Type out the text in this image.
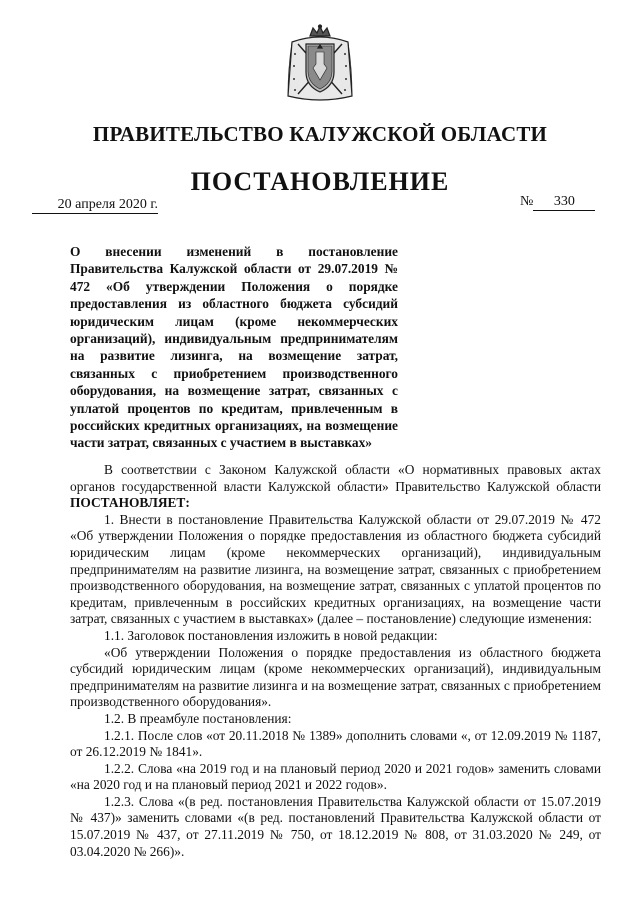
ПРАВИТЕЛЬСТВО КАЛУЖСКОЙ ОБЛАСТИ
ПОСТАНОВЛЕНИЕ
20 апреля 2020 г.	№ 330
О внесении изменений в постановление Правительства Калужской области от 29.07.2019 № 472 «Об утверждении Положения о порядке предоставления из областного бюджета субсидий юридическим лицам (кроме некоммерческих организаций), индивидуальным предпринимателям на развитие лизинга, на возмещение затрат, связанных с приобретением производственного оборудования, на возмещение затрат, связанных с уплатой процентов по кредитам, привлеченным в российских кредитных организациях, на возмещение части затрат, связанных с участием в выставках»

В соответствии с Законом Калужской области «О нормативных правовых актах органов государственной власти Калужской области» Правительство Калужской области ПОСТАНОВЛЯЕТ:

1. Внести в постановление Правительства Калужской области от 29.07.2019 № 472 «Об утверждении Положения о порядке предоставления из областного бюджета субсидий юридическим лицам (кроме некоммерческих организаций), индивидуальным предпринимателям на развитие лизинга, на возмещение затрат, связанных с приобретением производственного оборудования, на возмещение затрат, связанных с уплатой процентов по кредитам, привлеченным в российских кредитных организациях, на возмещение части затрат, связанных с участием в выставках» (далее – постановление) следующие изменения:

1.1. Заголовок постановления изложить в новой редакции:

«Об утверждении Положения о порядке предоставления из областного бюджета субсидий юридическим лицам (кроме некоммерческих организаций), индивидуальным предпринимателям на развитие лизинга и на возмещение затрат, связанных с приобретением производственного оборудования».

1.2. В преамбуле постановления:

1.2.1. После слов «от 20.11.2018 № 1389» дополнить словами «, от 12.09.2019 № 1187, от 26.12.2019 № 1841».

1.2.2. Слова «на 2019 год и на плановый период 2020 и 2021 годов» заменить словами «на 2020 год и на плановый период 2021 и 2022 годов».

1.2.3. Слова «(в ред. постановления Правительства Калужской области от 15.07.2019 № 437)» заменить словами «(в ред. постановлений Правительства Калужской области от 15.07.2019 № 437, от 27.11.2019 № 750, от 18.12.2019 № 808, от 31.03.2020 № 249, от 03.04.2020 № 266)».
